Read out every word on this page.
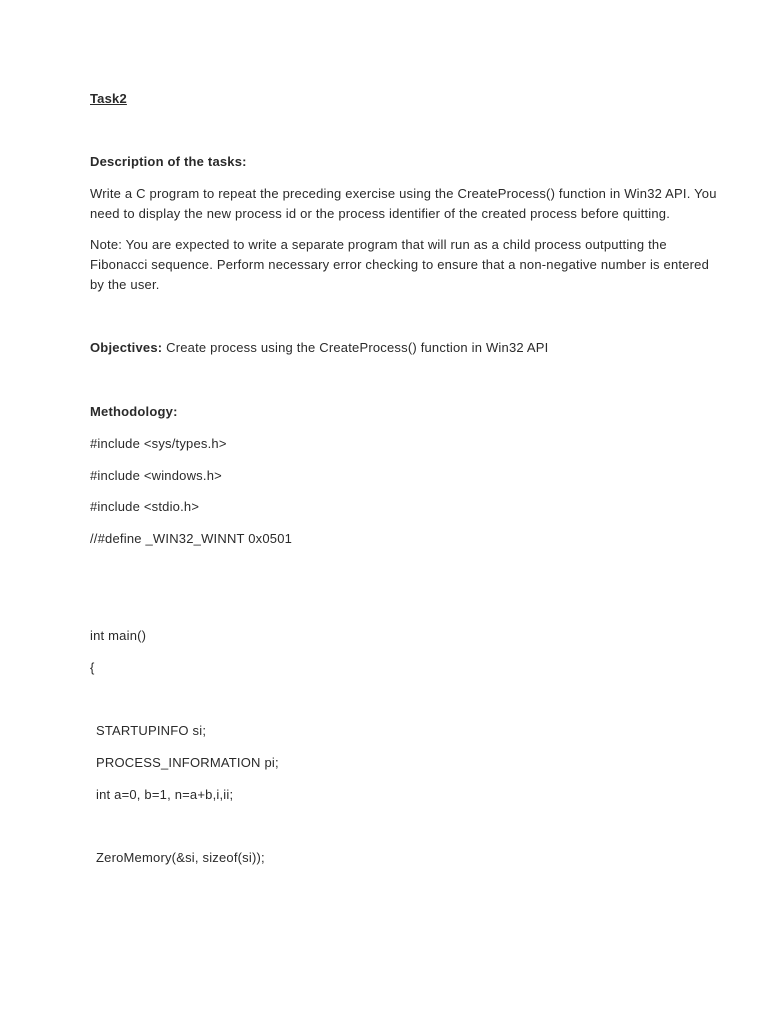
Task2
Description of the tasks:
Write a C program to repeat the preceding exercise using the CreateProcess() function in Win32 API. You
need to display the new process id or the process identifier of the created process before quitting.
Note: You are expected to write a separate program that will run as a child process outputting the
Fibonacci sequence. Perform necessary error checking to ensure that a non-negative number is entered
by the user.
Objectives: Create process using the CreateProcess() function in Win32 API
Methodology:
#include <sys/types.h>
#include <windows.h>
#include <stdio.h>
//#define _WIN32_WINNT 0x0501
int main()
{
STARTUPINFO si;
PROCESS_INFORMATION pi;
int a=0, b=1, n=a+b,i,ii;
ZeroMemory(&si, sizeof(si));
